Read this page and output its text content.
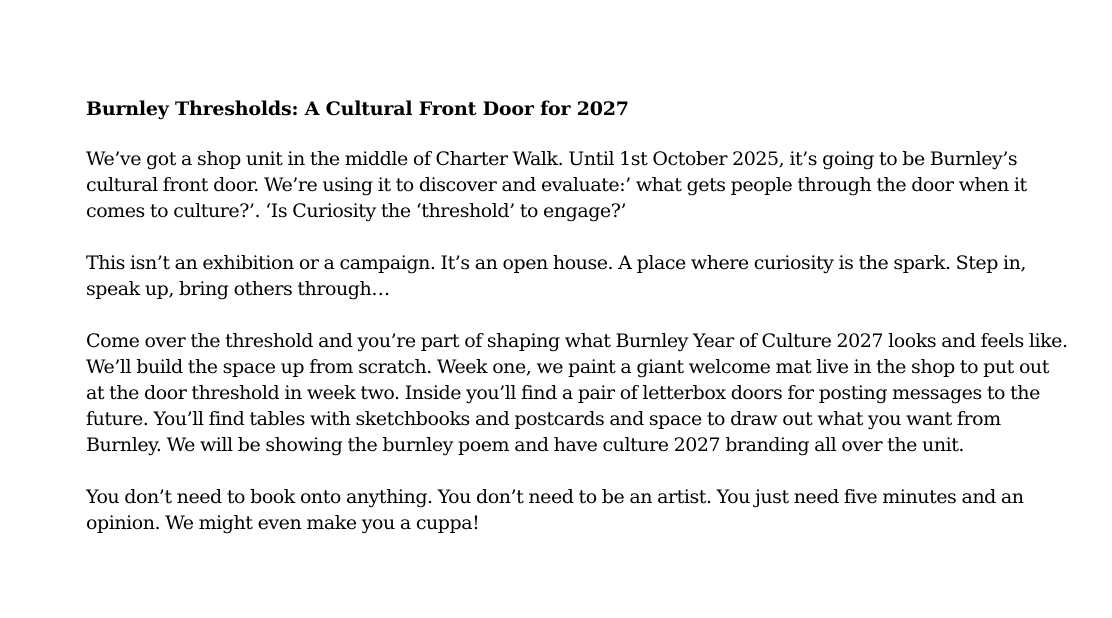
Burnley Thresholds: A Cultural Front Door for 2027

We’ve got a shop unit in the middle of Charter Walk. Until 1st October 2025, it’s going to be Burnley’s cultural front door. We’re using it to discover and evaluate:’ what gets people through the door when it comes to culture?’. ‘Is Curiosity the ‘threshold’ to engage?’

This isn’t an exhibition or a campaign. It’s an open house. A place where curiosity is the spark. Step in, speak up, bring others through…

Come over the threshold and you’re part of shaping what Burnley Year of Culture 2027 looks and feels like. We’ll build the space up from scratch. Week one, we paint a giant welcome mat live in the shop to put out at the door threshold in week two. Inside you’ll find a pair of letterbox doors for posting messages to the future. You’ll find tables with sketchbooks and postcards and space to draw out what you want from Burnley. We will be showing the burnley poem and have culture 2027 branding all over the unit.

You don’t need to book onto anything. You don’t need to be an artist. You just need five minutes and an opinion. We might even make you a cuppa!
